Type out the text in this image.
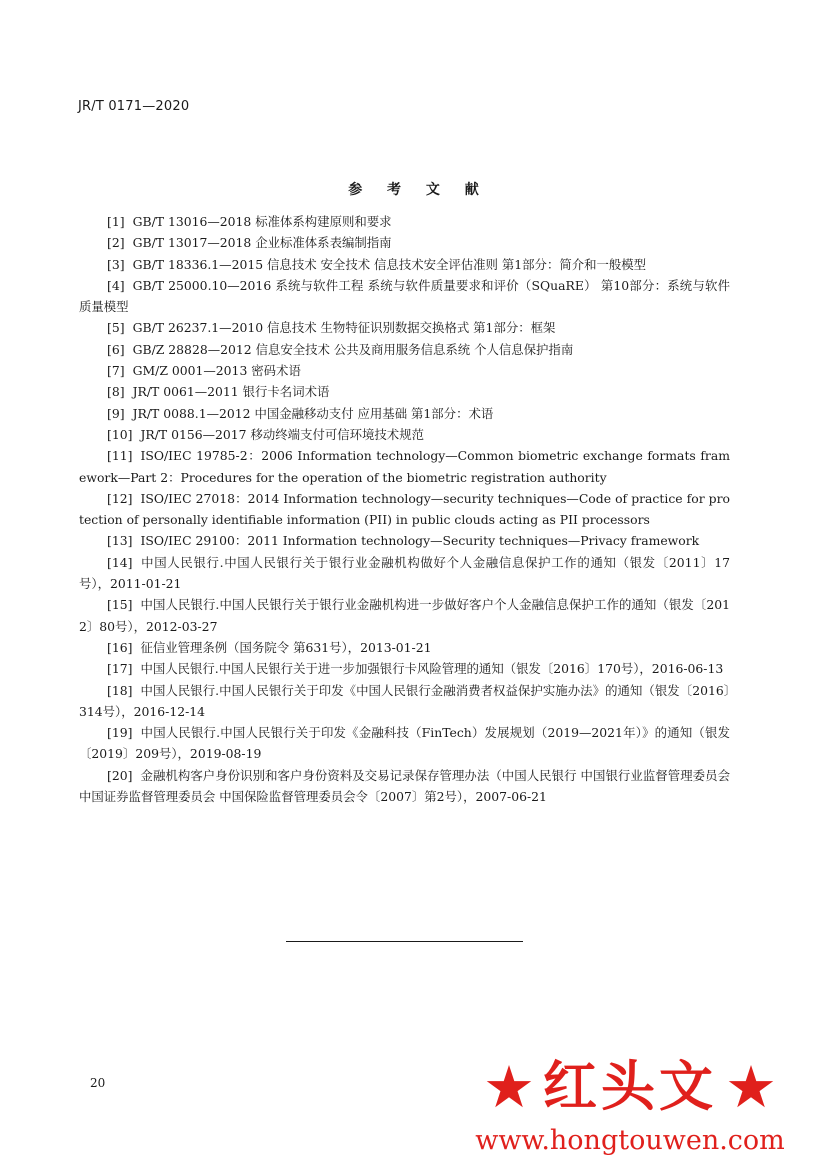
JR/T 0171—2020
参 考 文 献
[1] GB/T 13016—2018 标准体系构建原则和要求
[2] GB/T 13017—2018 企业标准体系表编制指南
[3] GB/T 18336.1—2015 信息技术 安全技术 信息技术安全评估准则 第1部分：简介和一般模型
[4] GB/T 25000.10—2016 系统与软件工程 系统与软件质量要求和评价（SQuaRE） 第10部分：系统与软件质量模型
[5] GB/T 26237.1—2010 信息技术 生物特征识别数据交换格式 第1部分：框架
[6] GB/Z 28828—2012 信息安全技术 公共及商用服务信息系统 个人信息保护指南
[7] GM/Z 0001—2013 密码术语
[8] JR/T 0061—2011 银行卡名词术语
[9] JR/T 0088.1—2012 中国金融移动支付 应用基础 第1部分：术语
[10] JR/T 0156—2017 移动终端支付可信环境技术规范
[11] ISO/IEC 19785-2：2006 Information technology—Common biometric exchange formats framework—Part 2：Procedures for the operation of the biometric registration authority
[12] ISO/IEC 27018：2014 Information technology—security techniques—Code of practice for protection of personally identifiable information (PII) in public clouds acting as PII processors
[13] ISO/IEC 29100：2011 Information technology—Security techniques—Privacy framework
[14] 中国人民银行.中国人民银行关于银行业金融机构做好个人金融信息保护工作的通知（银发〔2011〕17号），2011-01-21
[15] 中国人民银行.中国人民银行关于银行业金融机构进一步做好客户个人金融信息保护工作的通知（银发〔2012〕80号），2012-03-27
[16] 征信业管理条例（国务院令 第631号），2013-01-21
[17] 中国人民银行.中国人民银行关于进一步加强银行卡风险管理的通知（银发〔2016〕170号），2016-06-13
[18] 中国人民银行.中国人民银行关于印发《中国人民银行金融消费者权益保护实施办法》的通知（银发〔2016〕314号），2016-12-14
[19] 中国人民银行.中国人民银行关于印发《金融科技（FinTech）发展规划（2019—2021年）》的通知（银发〔2019〕209号），2019-08-19
[20] 金融机构客户身份识别和客户身份资料及交易记录保存管理办法（中国人民银行 中国银行业监督管理委员会 中国证券监督管理委员会 中国保险监督管理委员会令〔2007〕第2号），2007-06-21
20	★ 红头文 ★
www.hongtouwen.com
